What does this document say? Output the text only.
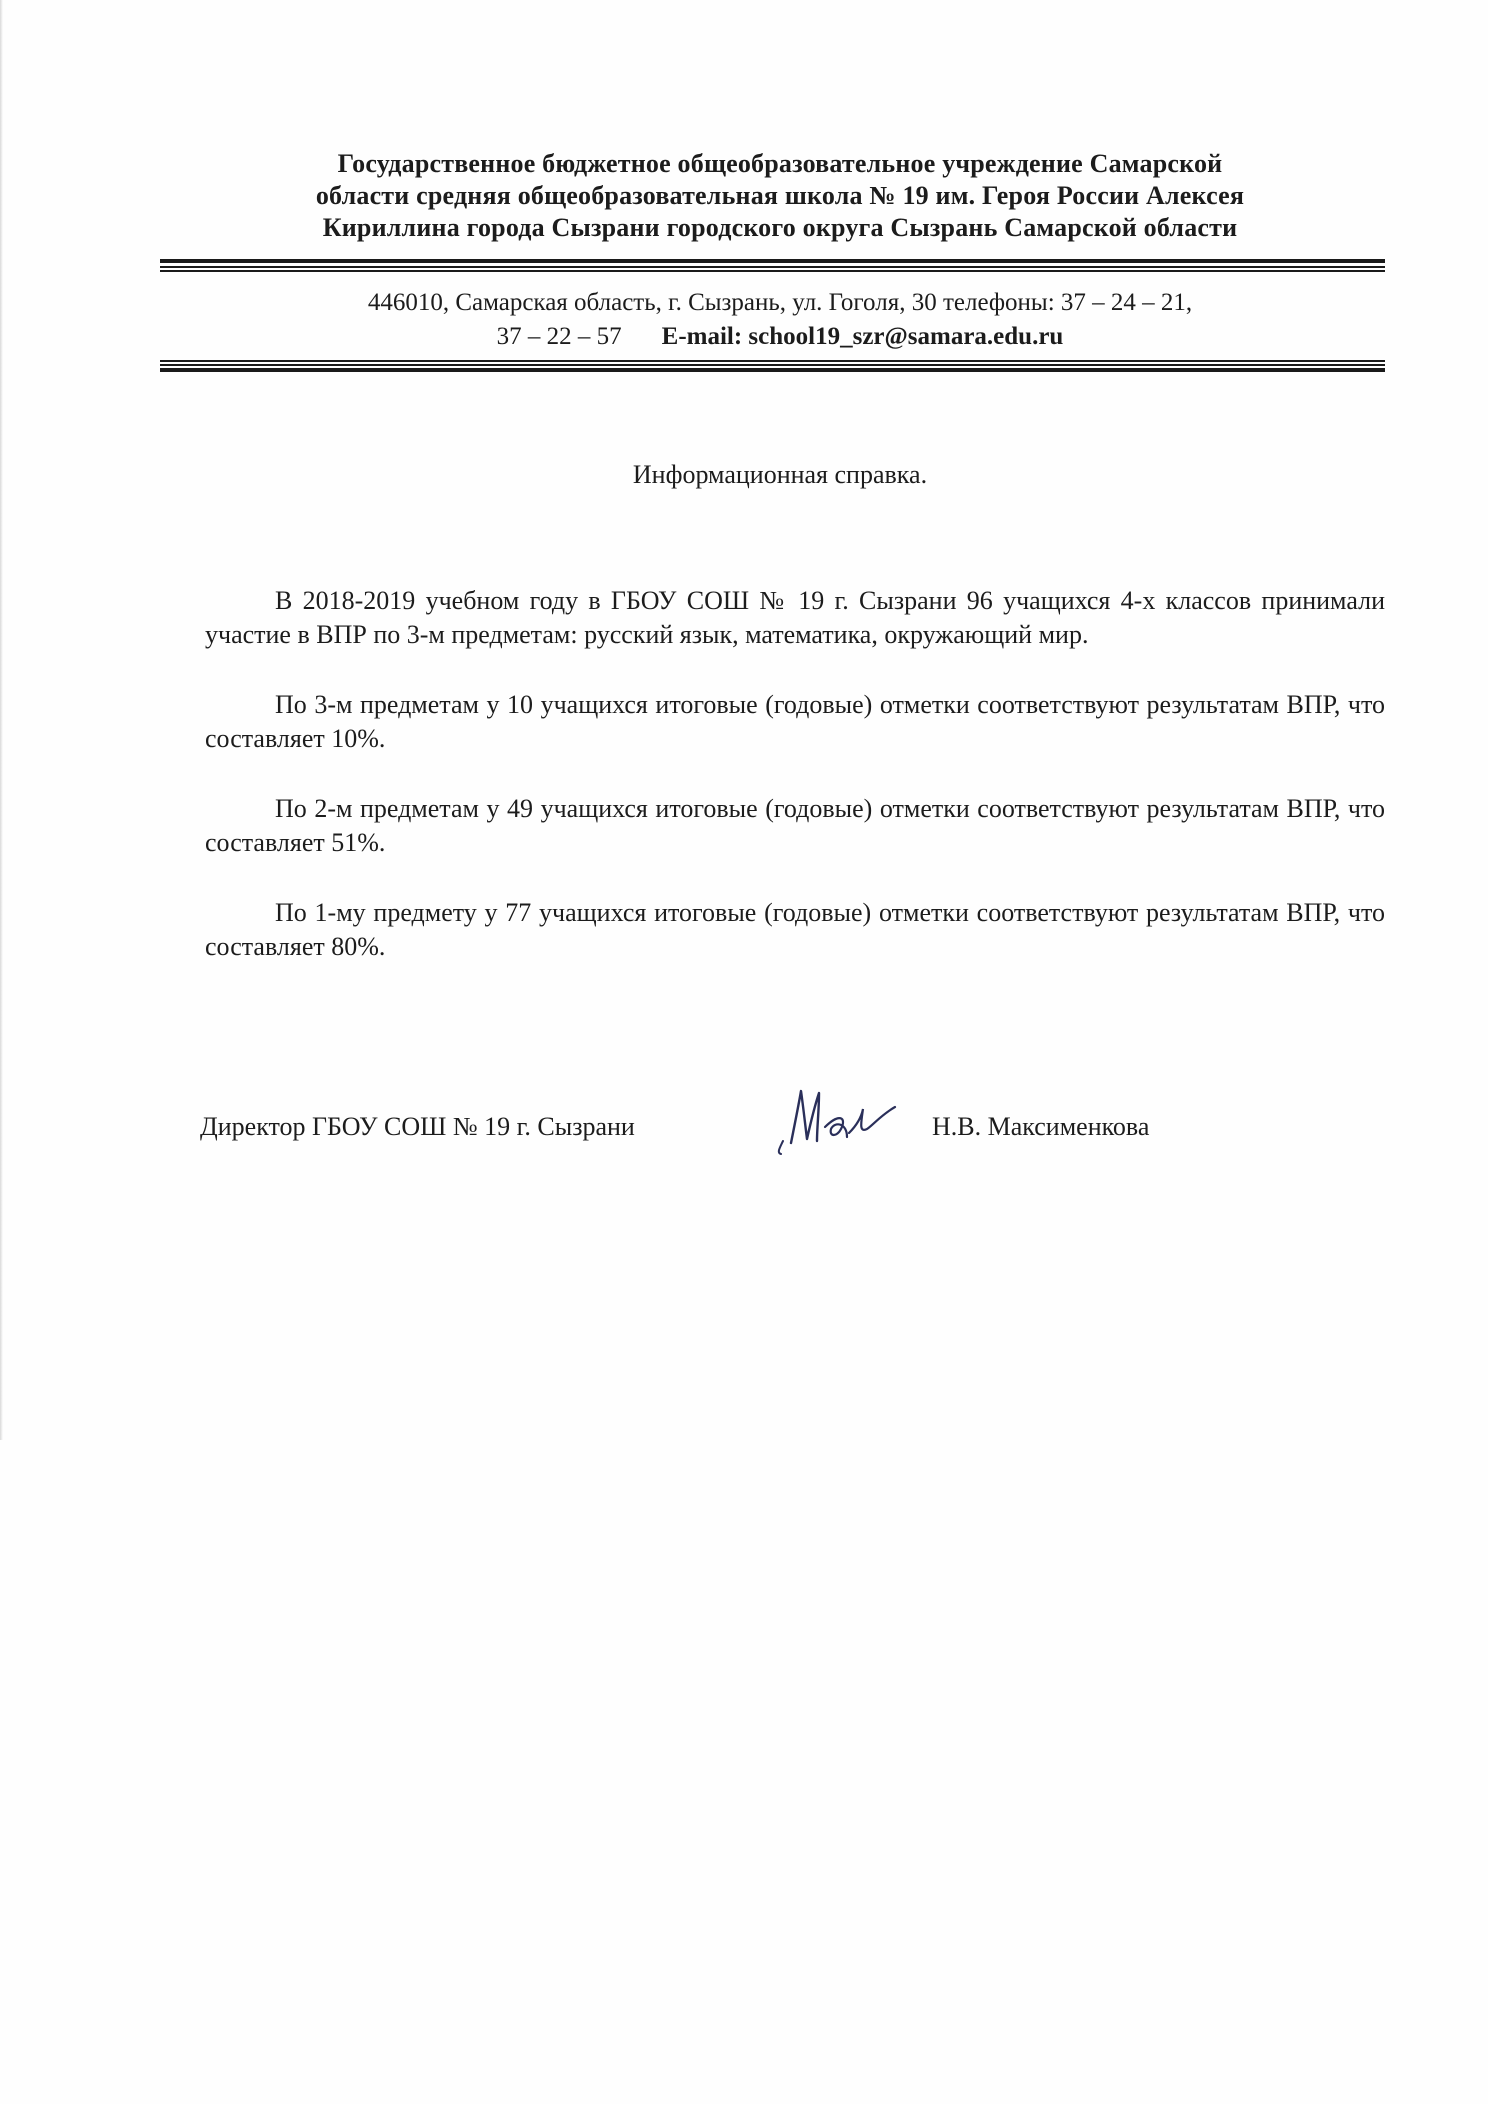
Государственное бюджетное общеобразовательное учреждение Самарской
области средняя общеобразовательная школа № 19 им. Героя России Алексея
Кириллина города Сызрани городского округа Сызрань Самарской области
446010, Самарская область, г. Сызрань, ул. Гоголя, 30 телефоны: 37 – 24 – 21,
37 – 22 – 57 E-mail: school19_szr@samara.edu.ru
Информационная справка.

В 2018-2019 учебном году в ГБОУ СОШ № 19 г. Сызрани 96 учащихся 4-х классов принимали участие в ВПР по 3-м предметам: русский язык, математика, окружающий мир.

По 3-м предметам у 10 учащихся итоговые (годовые) отметки соответствуют результатам ВПР, что составляет 10%.

По 2-м предметам у 49 учащихся итоговые (годовые) отметки соответствуют результатам ВПР, что составляет 51%.

По 1-му предмету у 77 учащихся итоговые (годовые) отметки соответствуют результатам ВПР, что составляет 80%.

Директор ГБОУ СОШ № 19 г. Сызрани	Н.В. Максименкова
